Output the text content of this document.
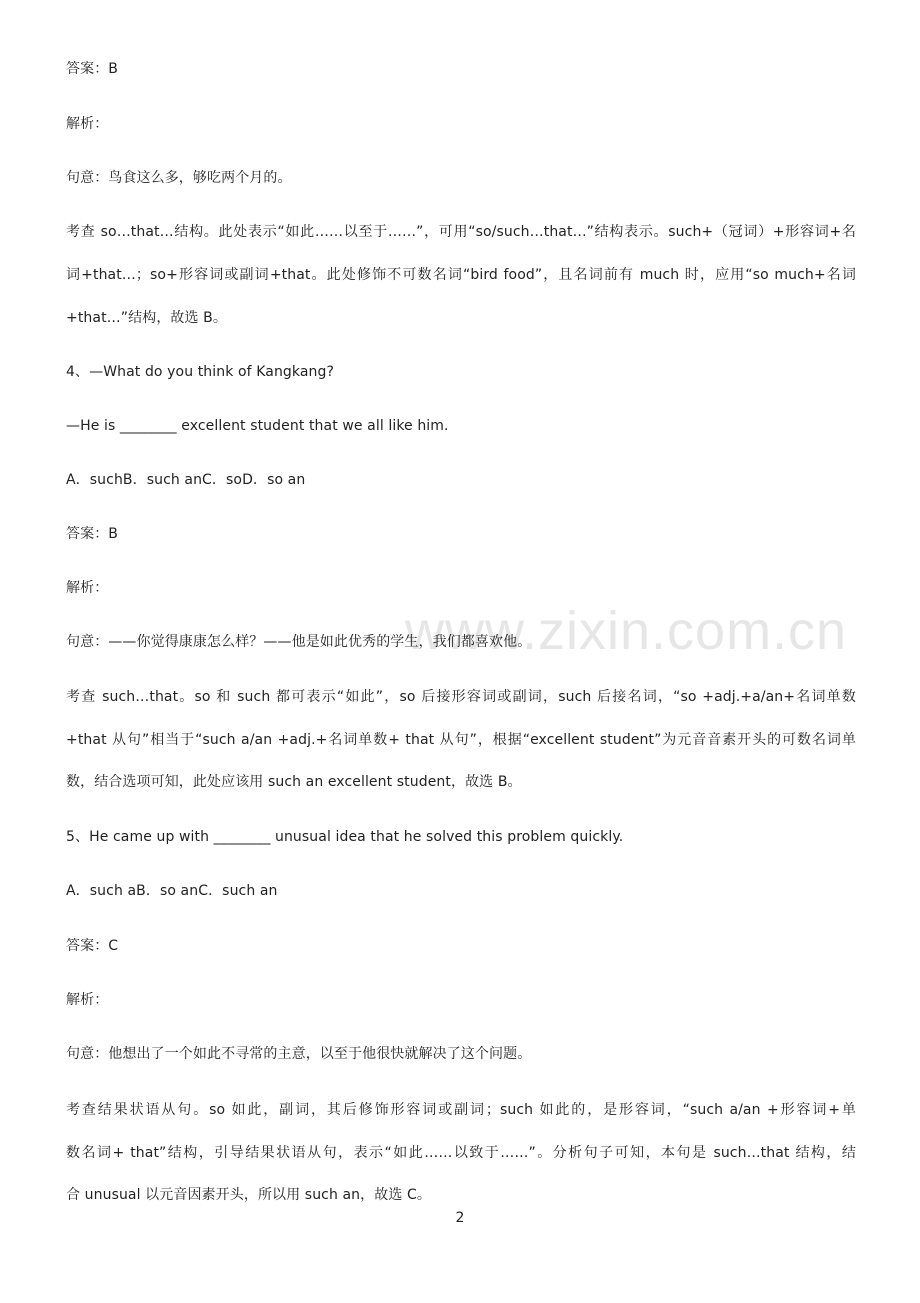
www.zixin.com.cn
答案：B
解析：
句意：鸟食这么多，够吃两个月的。
考查 so…that…结构。此处表示“如此……以至于……”，可用“so/such…that…”结构表示。such+（冠词）+形容词+名
词+that…；so+形容词或副词+that。此处修饰不可数名词“bird food”，且名词前有 much 时，应用“so much+名词
+that…”结构，故选 B。
4、—What do you think of Kangkang?
—He is ________ excellent student that we all like him.
A．suchB．such anC．soD．so an
答案：B
解析：
句意：——你觉得康康怎么样？——他是如此优秀的学生，我们都喜欢他。
考查 such…that。so 和 such 都可表示“如此”，so 后接形容词或副词，such 后接名词，“so +adj.+a/an+名词单数
+that 从句”相当于“such a/an +adj.+名词单数+ that 从句”，根据“excellent student”为元音音素开头的可数名词单
数，结合选项可知，此处应该用 such an excellent student，故选 B。
5、He came up with ________ unusual idea that he solved this problem quickly.
A．such aB．so anC．such an
答案：C
解析：
句意：他想出了一个如此不寻常的主意，以至于他很快就解决了这个问题。
考查结果状语从句。so 如此，副词，其后修饰形容词或副词；such 如此的，是形容词，“such a/an +形容词+单
数名词+ that”结构，引导结果状语从句，表示“如此……以致于……”。分析句子可知，本句是 such…that 结构，结
合 unusual 以元音因素开头，所以用 such an，故选 C。
2
